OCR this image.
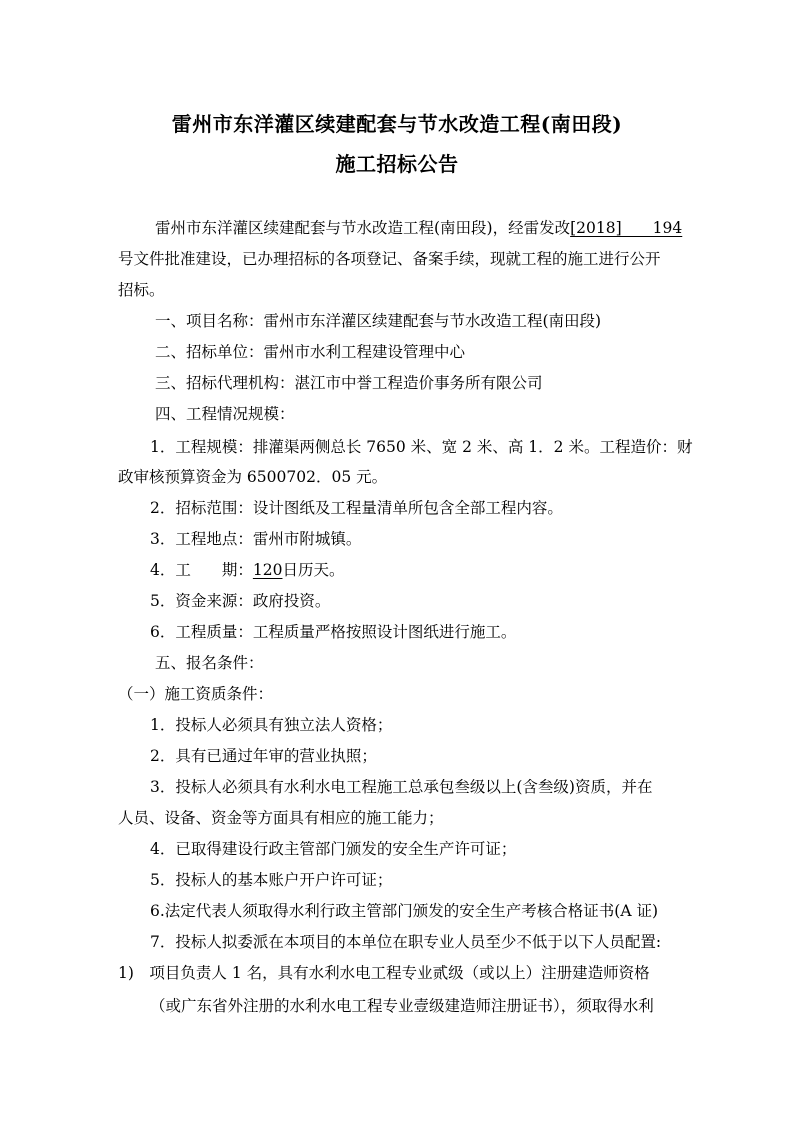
雷州市东洋灌区续建配套与节水改造工程(南田段)
施工招标公告
雷州市东洋灌区续建配套与节水改造工程(南田段)，经雷发改[2018]　　194
号文件批准建设，已办理招标的各项登记、备案手续，现就工程的施工进行公开
招标。
一、项目名称：雷州市东洋灌区续建配套与节水改造工程(南田段)
二、招标单位：雷州市水利工程建设管理中心
三、招标代理机构：湛江市中誉工程造价事务所有限公司
四、工程情况规模：
1．工程规模：排灌渠两侧总长 7650 米、宽 2 米、高 1．2 米。工程造价：财
政审核预算资金为 6500702．05 元。
2．招标范围：设计图纸及工程量清单所包含全部工程内容。
3．工程地点：雷州市附城镇。
4．工　　期：120日历天。
5．资金来源：政府投资。
6．工程质量：工程质量严格按照设计图纸进行施工。
五、报名条件：
（一）施工资质条件：
1．投标人必须具有独立法人资格；
2．具有已通过年审的营业执照；
3．投标人必须具有水利水电工程施工总承包叁级以上(含叁级)资质，并在
人员、设备、资金等方面具有相应的施工能力；
4．已取得建设行政主管部门颁发的安全生产许可证；
5．投标人的基本账户开户许可证；
6.法定代表人须取得水利行政主管部门颁发的安全生产考核合格证书(A 证)
7．投标人拟委派在本项目的本单位在职专业人员至少不低于以下人员配置:
1)　项目负责人 1 名，具有水利水电工程专业贰级（或以上）注册建造师资格
（或广东省外注册的水利水电工程专业壹级建造师注册证书），须取得水利
